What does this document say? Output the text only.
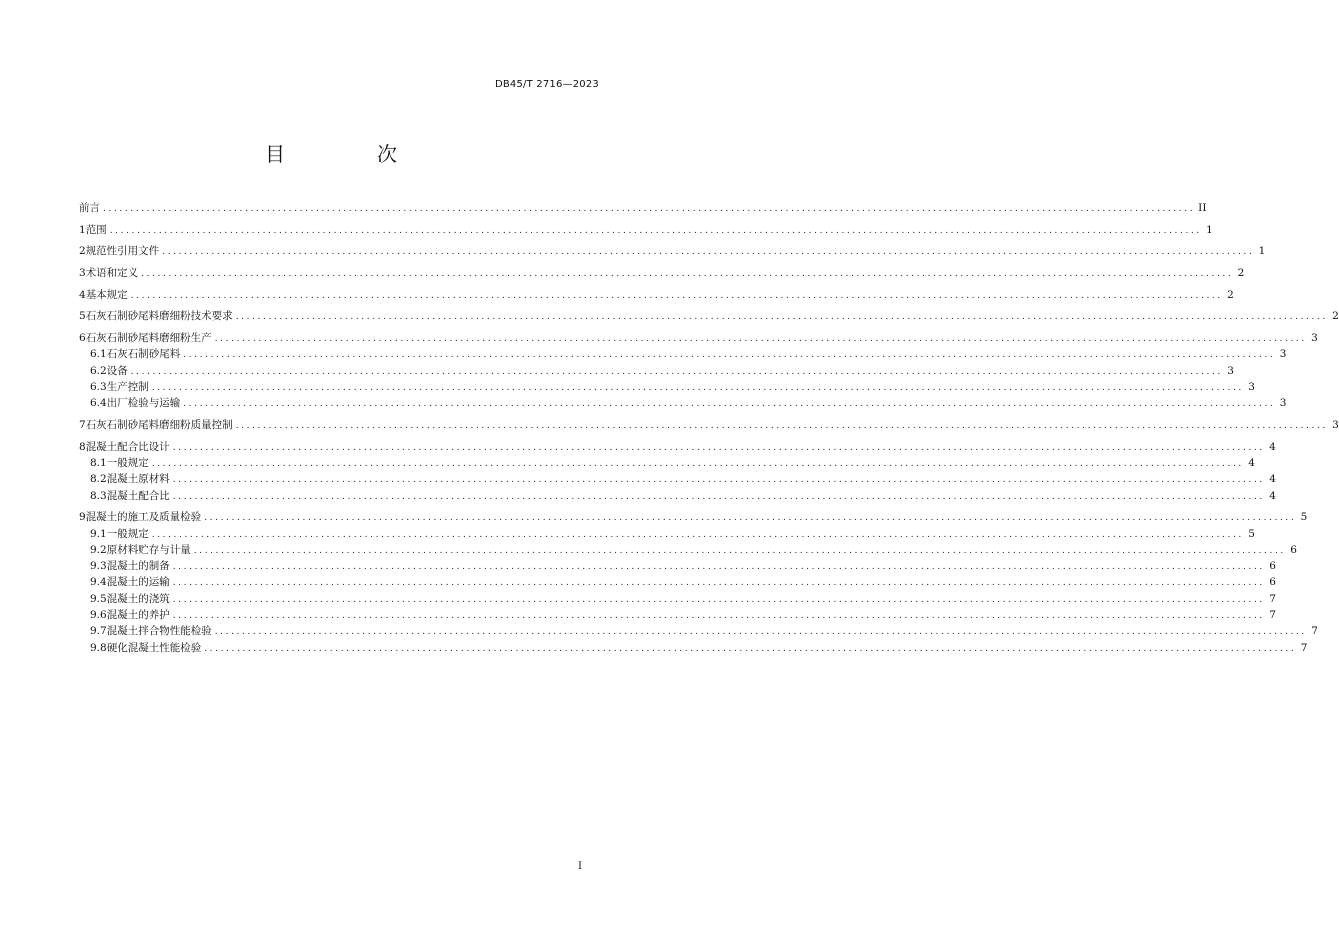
DB45/T 2716—2023
目　次
前言 ........................................................................................................................................................................................................ II
1 范围 ........................................................................................................................................................................................................ 1
2 规范性引用文件 ........................................................................................................................................................................................................ 1
3 术语和定义 ........................................................................................................................................................................................................ 2
4 基本规定 ........................................................................................................................................................................................................ 2
5 石灰石制砂尾料磨细粉技术要求 ........................................................................................................................................................................................................ 2
6 石灰石制砂尾料磨细粉生产 ........................................................................................................................................................................................................ 3
6.1 石灰石制砂尾料 ........................................................................................................................................................................................................ 3
6.2 设备 ........................................................................................................................................................................................................ 3
6.3 生产控制 ........................................................................................................................................................................................................ 3
6.4 出厂检验与运输 ........................................................................................................................................................................................................ 3
7 石灰石制砂尾料磨细粉质量控制 ........................................................................................................................................................................................................ 3
8 混凝土配合比设计 ........................................................................................................................................................................................................ 4
8.1 一般规定 ........................................................................................................................................................................................................ 4
8.2 混凝土原材料 ........................................................................................................................................................................................................ 4
8.3 混凝土配合比 ........................................................................................................................................................................................................ 4
9 混凝土的施工及质量检验 ........................................................................................................................................................................................................ 5
9.1 一般规定 ........................................................................................................................................................................................................ 5
9.2 原材料贮存与计量 ........................................................................................................................................................................................................ 6
9.3 混凝土的制备 ........................................................................................................................................................................................................ 6
9.4 混凝土的运输 ........................................................................................................................................................................................................ 6
9.5 混凝土的浇筑 ........................................................................................................................................................................................................ 7
9.6 混凝土的养护 ........................................................................................................................................................................................................ 7
9.7 混凝土拌合物性能检验 ........................................................................................................................................................................................................ 7
9.8 硬化混凝土性能检验 ........................................................................................................................................................................................................ 7
I
